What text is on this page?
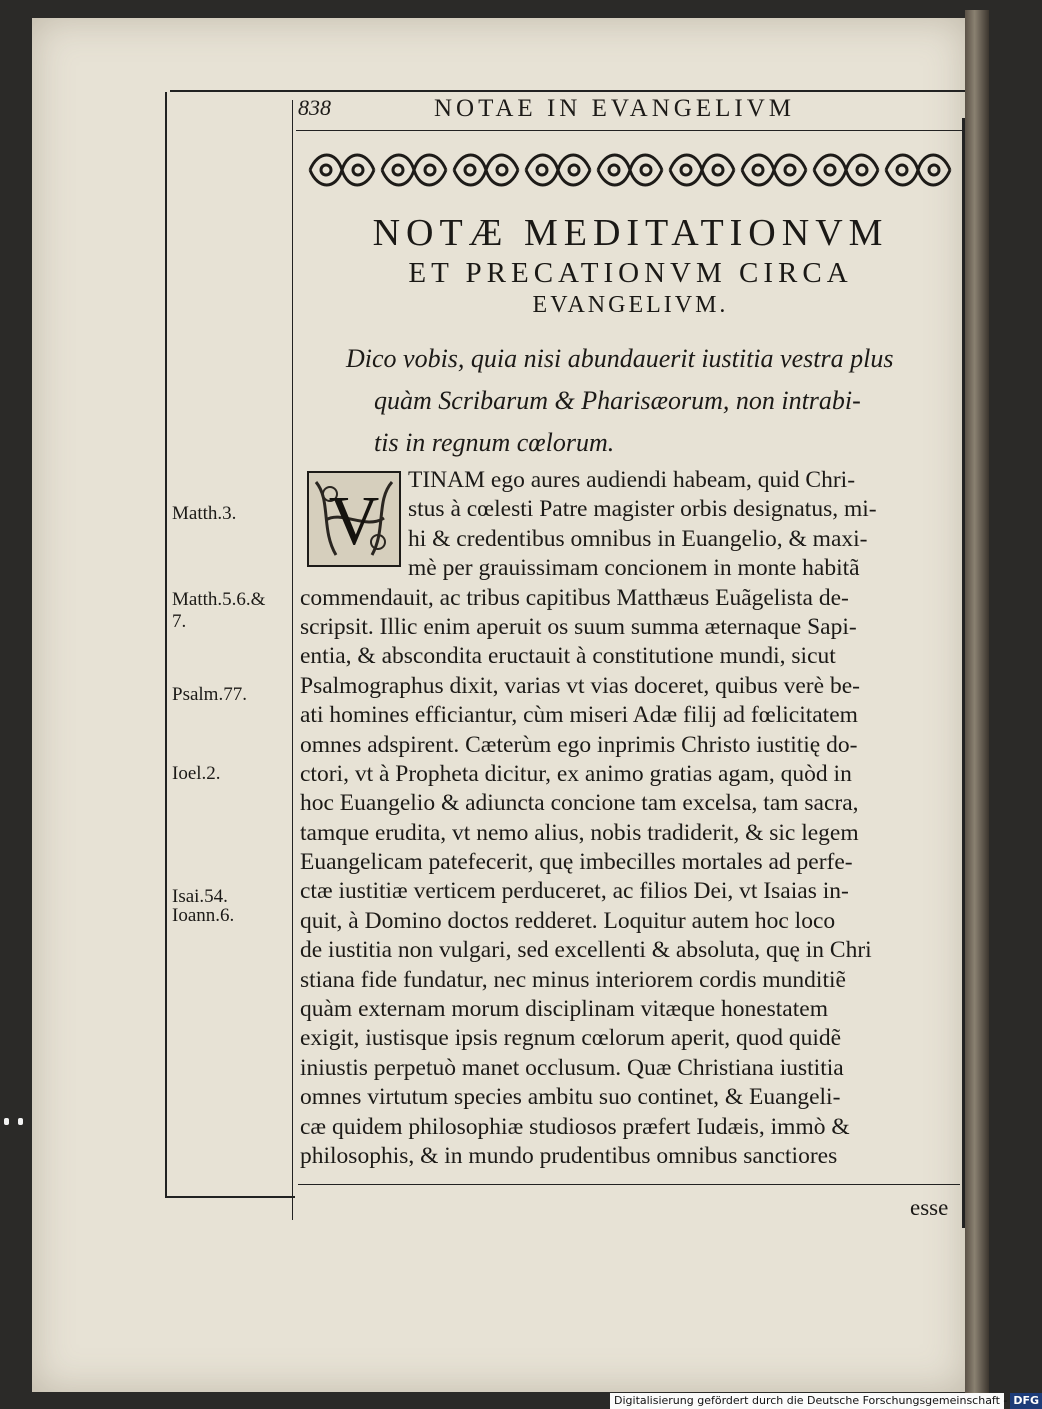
838	NOTAE IN EVANGELIVM
NOTÆ MEDITATIONVM
ET PRECATIONVM CIRCA
EVANGELIVM.
Dico vobis, quia nisi abundauerit iustitia vestra plus
quàm Scribarum & Pharisæorum, non intrabi-
tis in regnum cœlorum.
V
TINAM ego aures audiendi habeam, quid Chri-
stus à cœlesti Patre magister orbis designatus, mi-
hi & credentibus omnibus in Euangelio, & maxi-
mè per grauissimam concionem in monte habitã
commendauit, ac tribus capitibus Matthæus Euãgelista de-
scripsit. Illic enim aperuit os suum summa æternaque Sapi-
entia, & abscondita eructauit à constitutione mundi, sicut
Psalmographus dixit, varias vt vias doceret, quibus verè be-
ati homines efficiantur, cùm miseri Adæ filij ad fœlicitatem
omnes adspirent. Cæterùm ego inprimis Christo iustitię do-
ctori, vt à Propheta dicitur, ex animo gratias agam, quòd in
hoc Euangelio & adiuncta concione tam excelsa, tam sacra,
tamque erudita, vt nemo alius, nobis tradiderit, & sic legem
Euangelicam patefecerit, quę imbecilles mortales ad perfe-
ctæ iustitiæ verticem perduceret, ac filios Dei, vt Isaias in-
quit, à Domino doctos redderet. Loquitur autem hoc loco
de iustitia non vulgari, sed excellenti & absoluta, quę in Chri
stiana fide fundatur, nec minus interiorem cordis munditiẽ
quàm externam morum disciplinam vitæque honestatem
exigit, iustisque ipsis regnum cœlorum aperit, quod quidẽ
iniustis perpetuò manet occlusum. Quæ Christiana iustitia
omnes virtutum species ambitu suo continet, & Euangeli-
cæ quidem philosophiæ studiosos præfert Iudæis, immò &
philosophis, & in mundo prudentibus omnibus sanctiores
esse
Matth.3.
Matth.5.6.&
7.
Psalm.77.
Ioel.2.
Isai.54.
Ioann.6.
Digitalisierung gefördert durch die Deutsche Forschungsgemeinschaft - DFG
